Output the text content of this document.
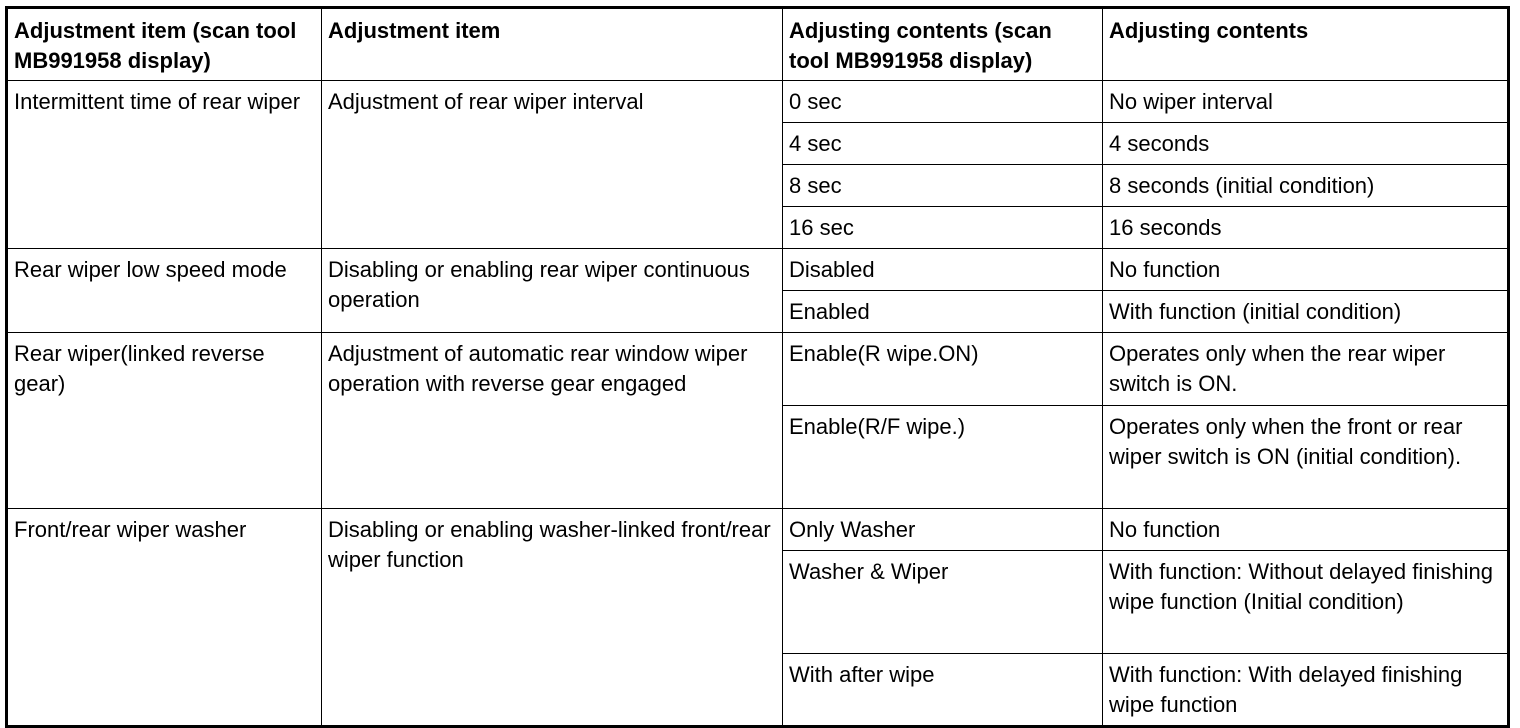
Adjustment item (scan tool MB991958 display)	Adjustment item	Adjusting contents (scan tool MB991958 display)	Adjusting contents
Intermittent time of rear wiper	Adjustment of rear wiper interval	0 sec	No wiper interval
		4 sec	4 seconds
		8 sec	8 seconds (initial condition)
		16 sec	16 seconds
Rear wiper low speed mode	Disabling or enabling rear wiper continuous operation	Disabled	No function
		Enabled	With function (initial condition)
Rear wiper(linked reverse gear)	Adjustment of automatic rear window wiper operation with reverse gear engaged	Enable(R wipe.ON)	Operates only when the rear wiper switch is ON.
		Enable(R/F wipe.)	Operates only when the front or rear wiper switch is ON (initial condition).
Front/rear wiper washer	Disabling or enabling washer-linked front/rear wiper function	Only Washer	No function
		Washer & Wiper	With function: Without delayed finishing wipe function (Initial condition)
		With after wipe	With function: With delayed finishing wipe function
